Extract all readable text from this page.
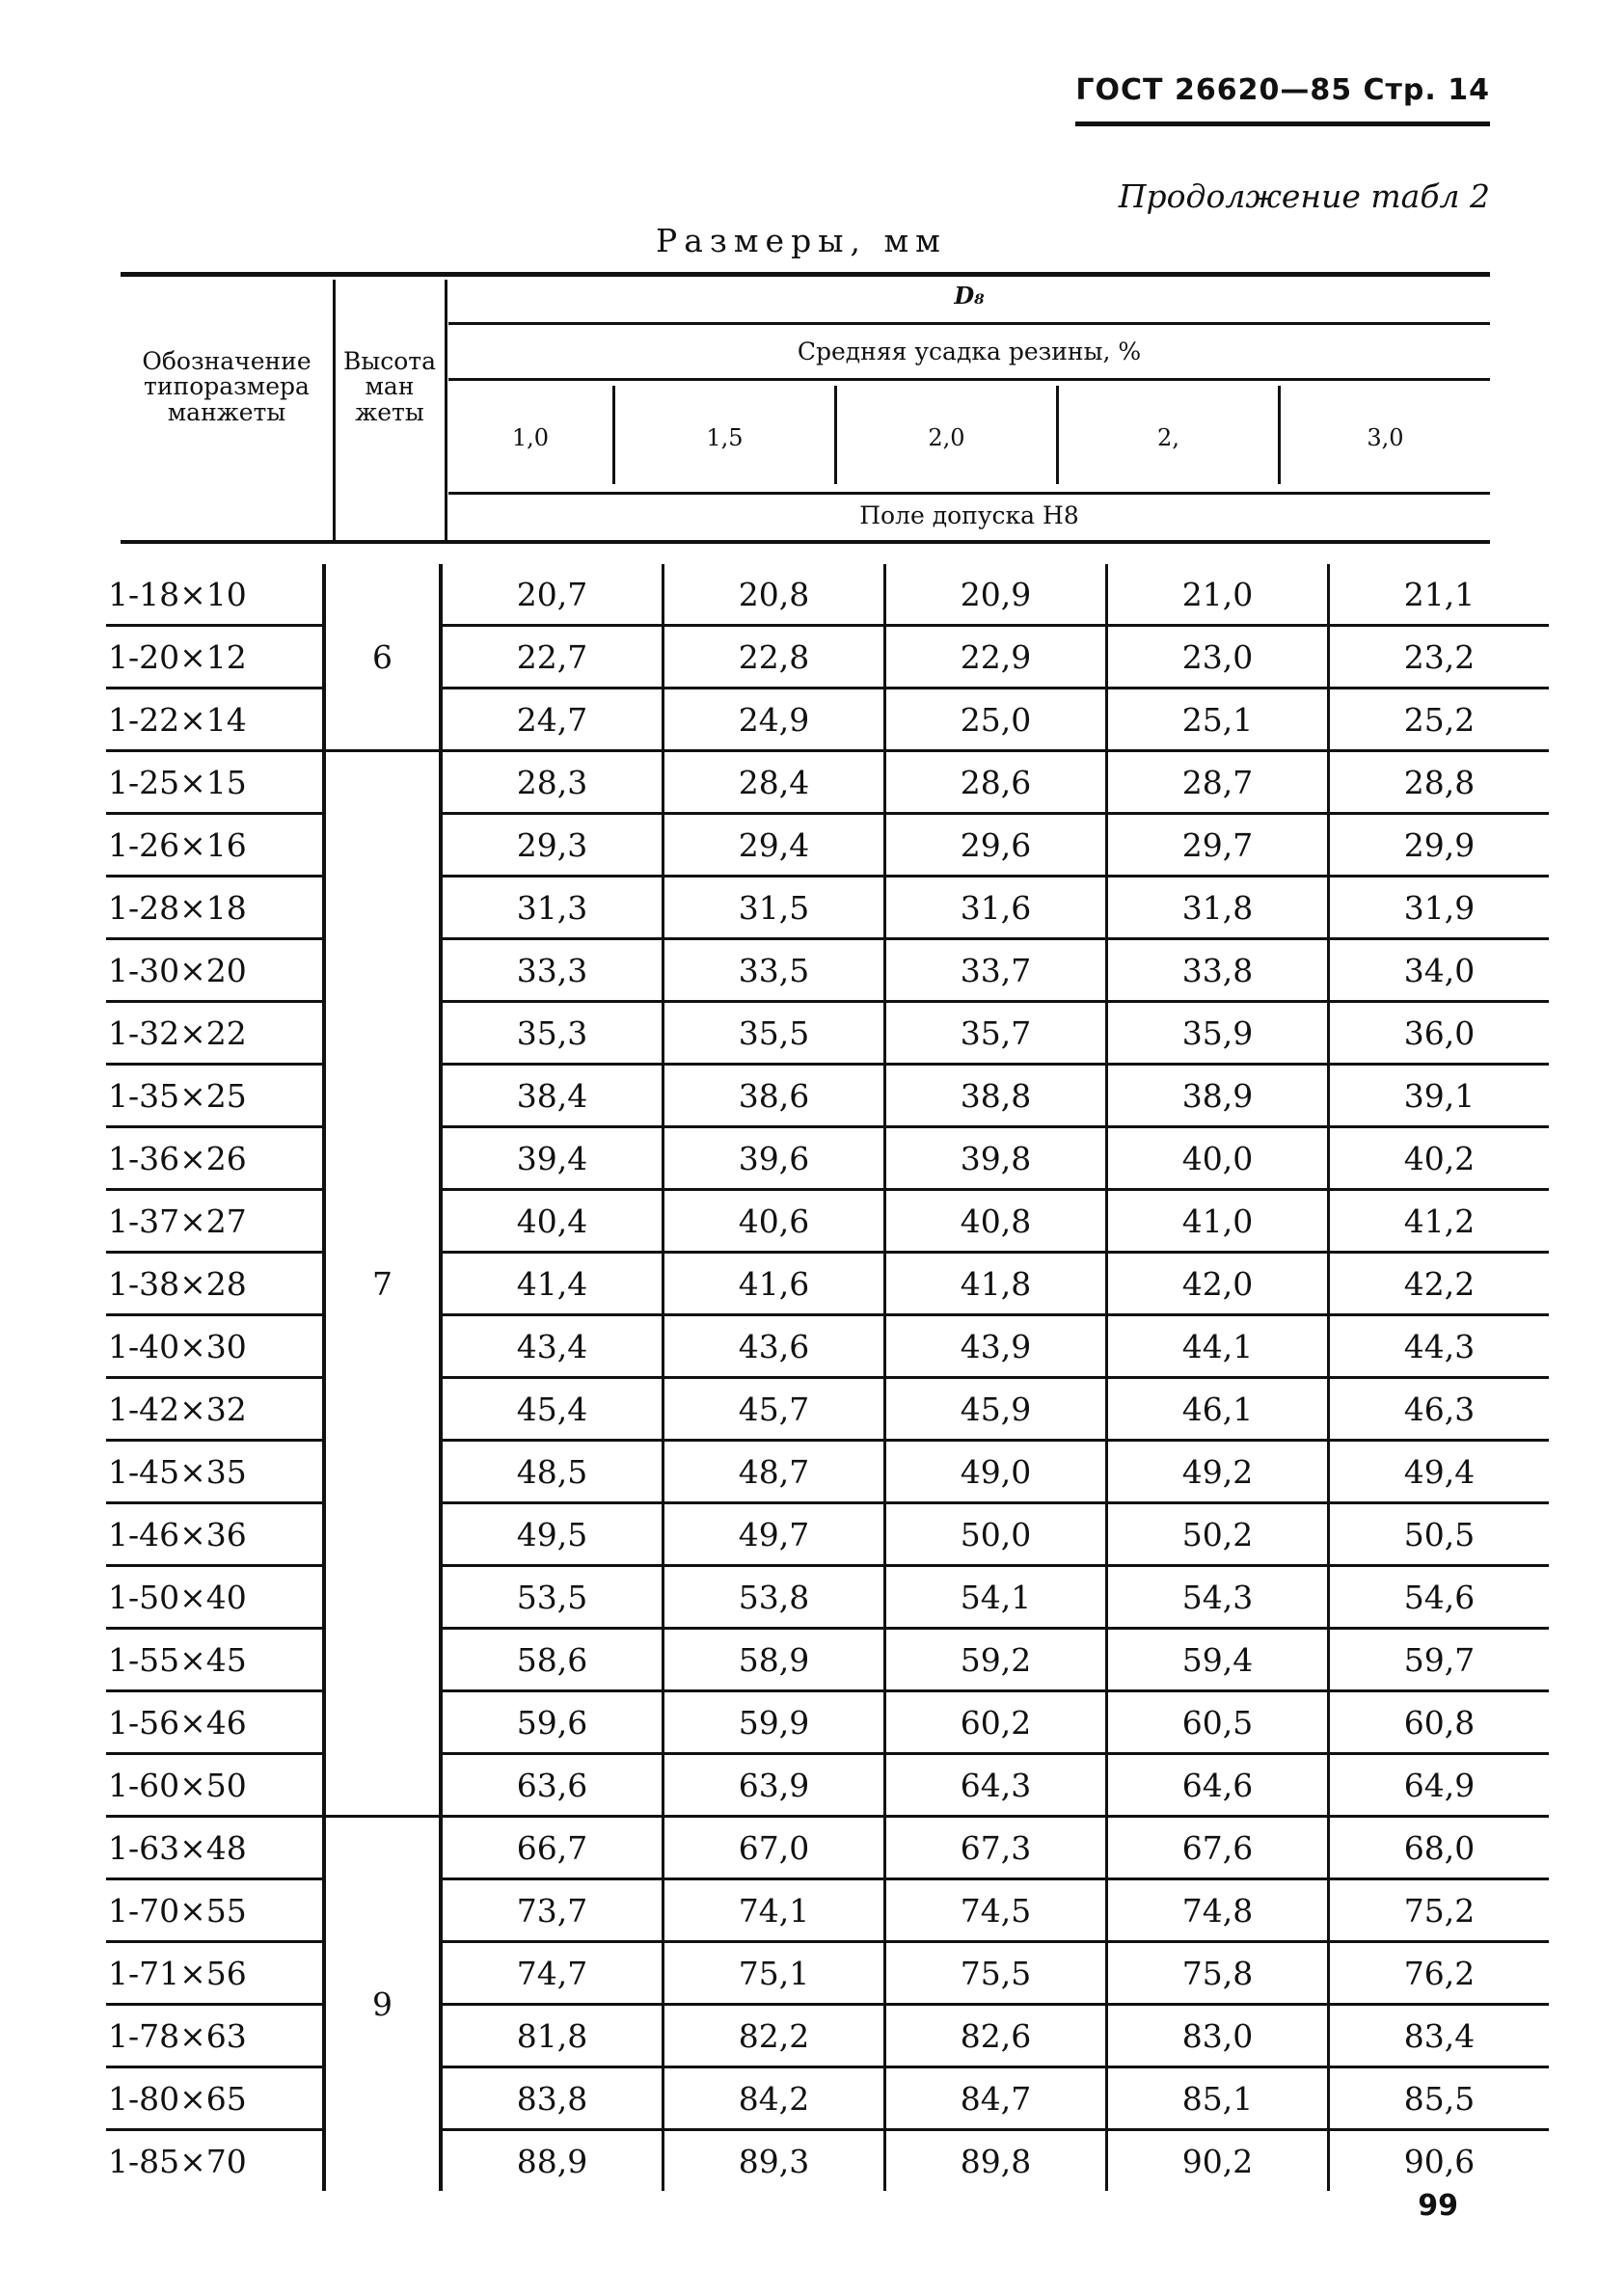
ГОСТ 26620—85 Стр. 14
Продолжение табл 2
Размеры, мм
Обозначение типоразмера манжеты
Высота ман жеты
D₈
Средняя усадка резины, %
1,0	1,5	2,0	2,	3,0
Поле допуска H8
1-18×10	6	20,7	20,8	20,9	21,0	21,1
1-20×12		22,7	22,8	22,9	23,0	23,2
1-22×14		24,7	24,9	25,0	25,1	25,2
1-25×15	7	28,3	28,4	28,6	28,7	28,8
1-26×16		29,3	29,4	29,6	29,7	29,9
1-28×18		31,3	31,5	31,6	31,8	31,9
1-30×20		33,3	33,5	33,7	33,8	34,0
1-32×22		35,3	35,5	35,7	35,9	36,0
1-35×25		38,4	38,6	38,8	38,9	39,1
1-36×26		39,4	39,6	39,8	40,0	40,2
1-37×27		40,4	40,6	40,8	41,0	41,2
1-38×28		41,4	41,6	41,8	42,0	42,2
1-40×30		43,4	43,6	43,9	44,1	44,3
1-42×32		45,4	45,7	45,9	46,1	46,3
1-45×35		48,5	48,7	49,0	49,2	49,4
1-46×36		49,5	49,7	50,0	50,2	50,5
1-50×40		53,5	53,8	54,1	54,3	54,6
1-55×45		58,6	58,9	59,2	59,4	59,7
1-56×46		59,6	59,9	60,2	60,5	60,8
1-60×50		63,6	63,9	64,3	64,6	64,9
1-63×48	9	66,7	67,0	67,3	67,6	68,0
1-70×55		73,7	74,1	74,5	74,8	75,2
1-71×56		74,7	75,1	75,5	75,8	76,2
1-78×63		81,8	82,2	82,6	83,0	83,4
1-80×65		83,8	84,2	84,7	85,1	85,5
1-85×70		88,9	89,3	89,8	90,2	90,6
99
